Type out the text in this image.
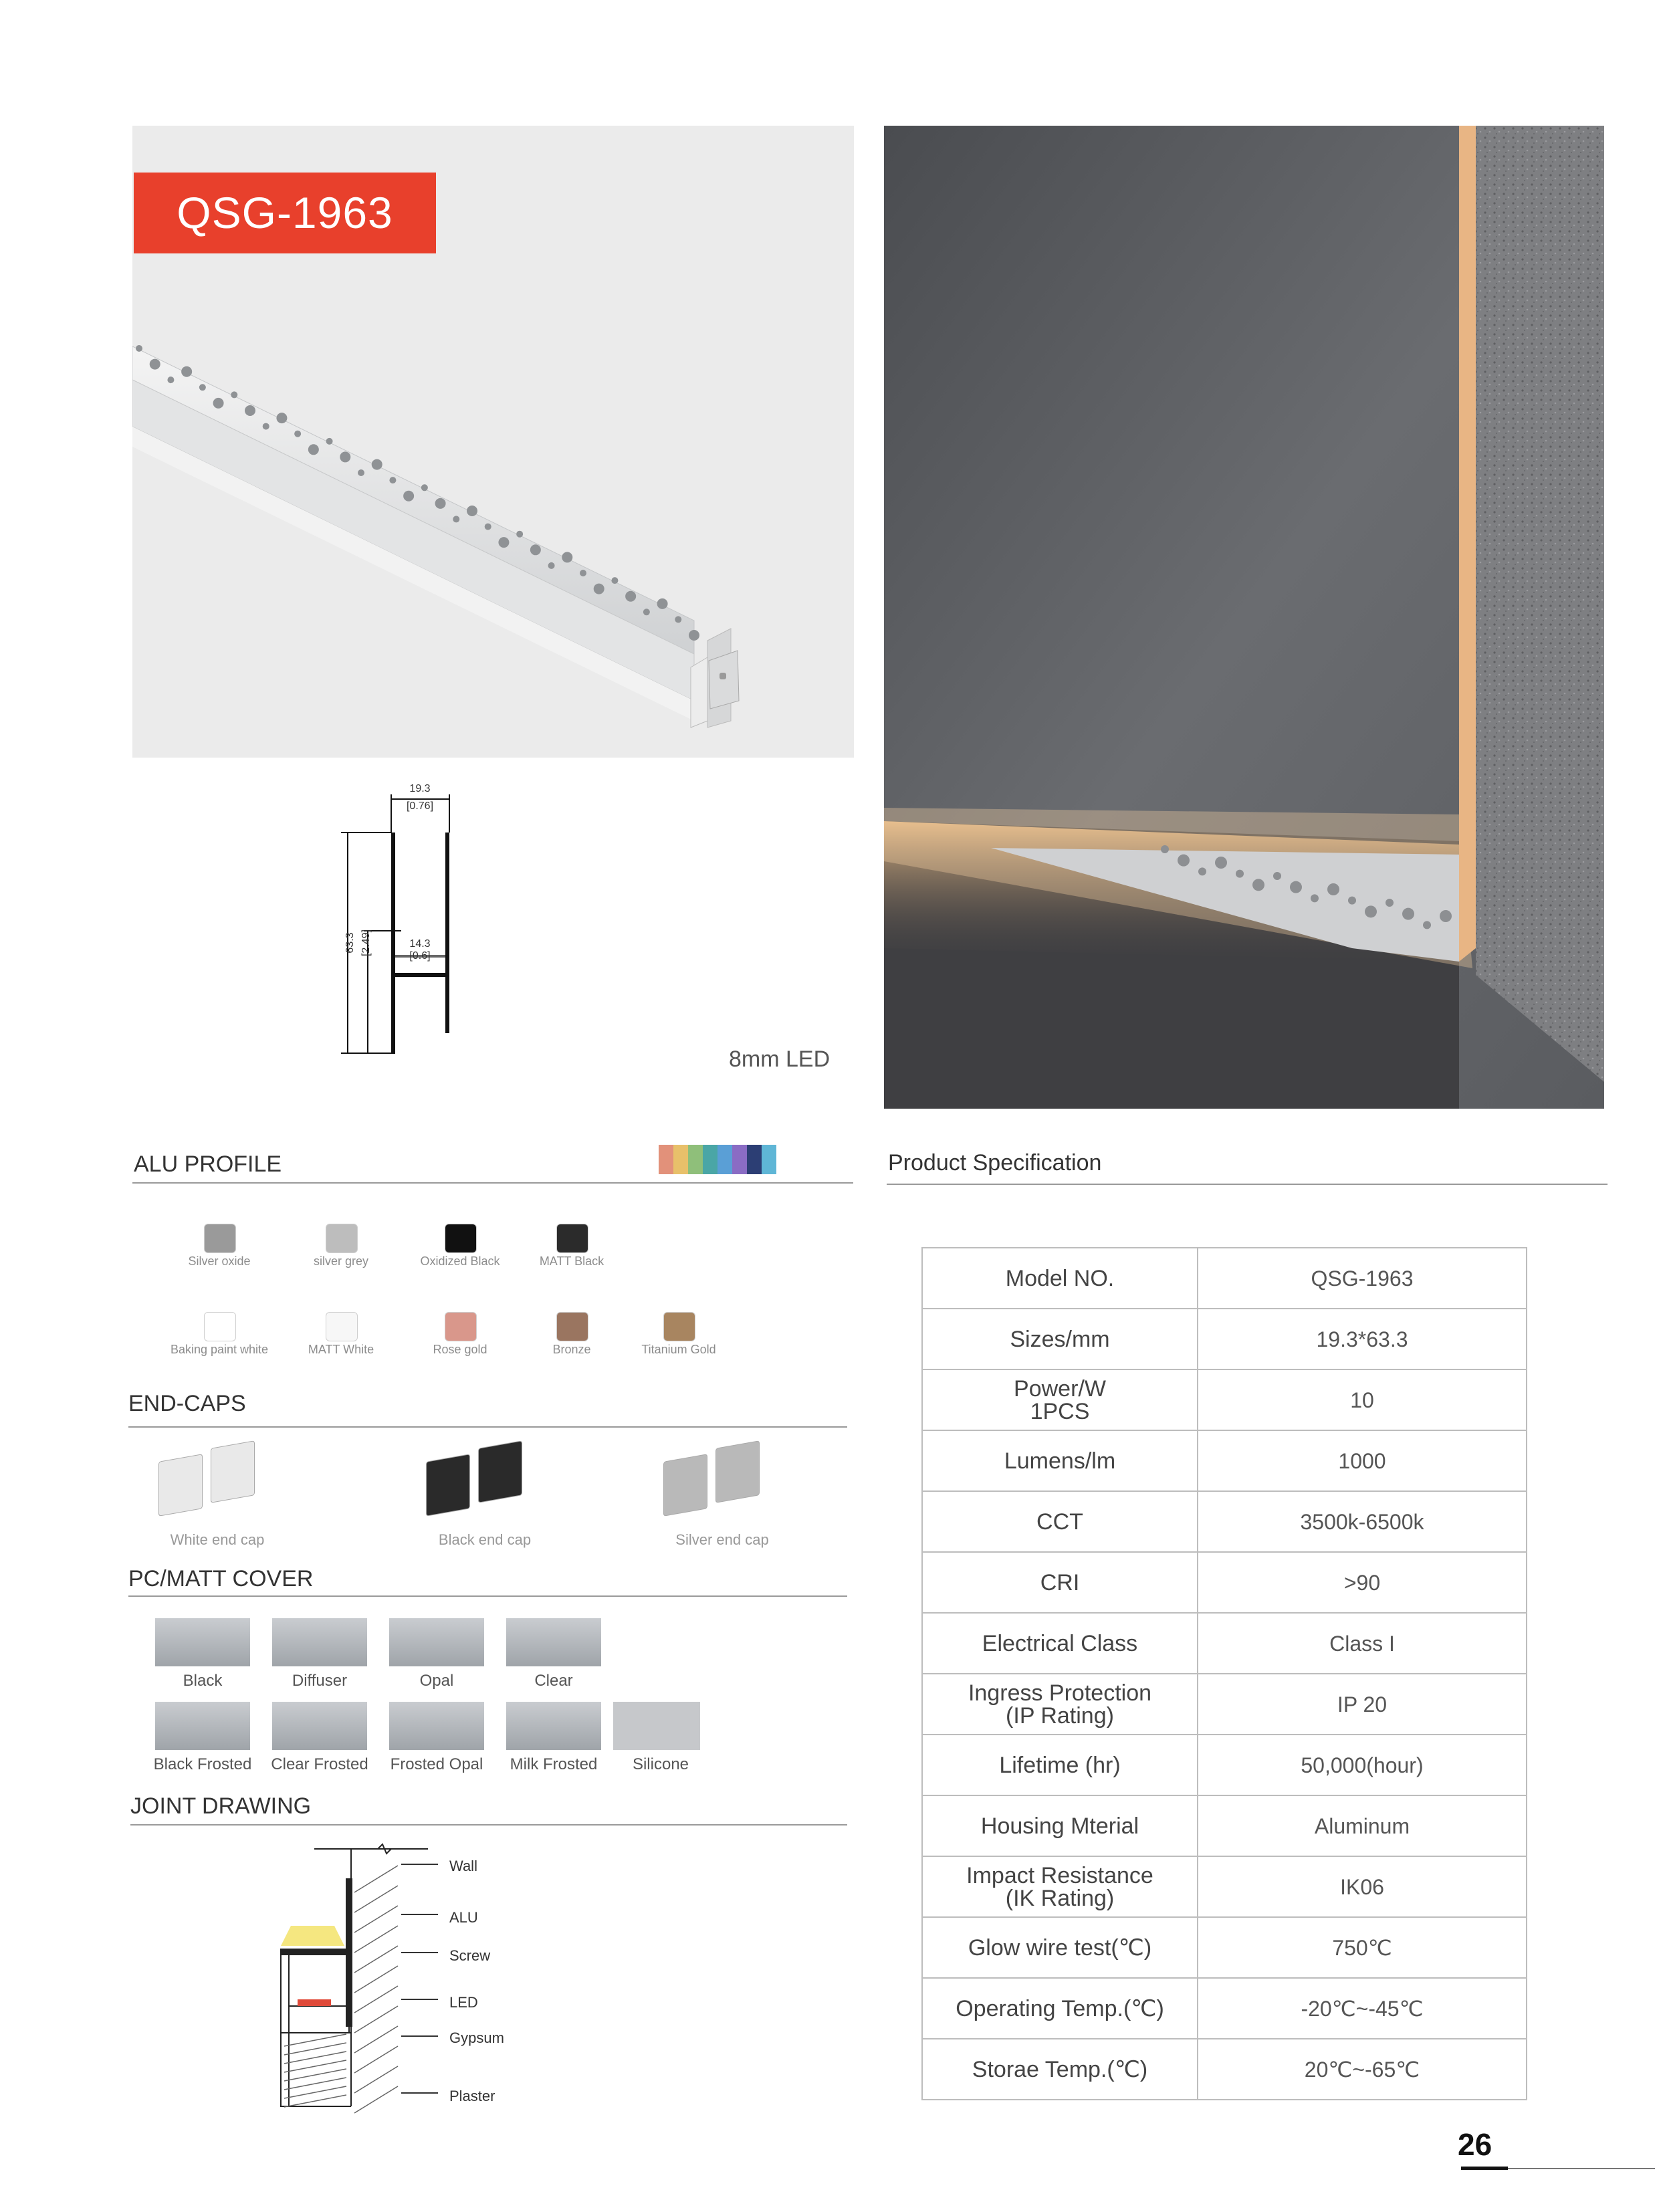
QSG-1963
19.3
[0.76]
14.3
[0.6]
63.3 [2.49]
8mm LED
ALU PROFILE
Silver oxide	silver grey	Oxidized Black	MATT Black
Baking paint white	MATT White	Rose gold	Bronze	Titanium Gold
END-CAPS
White end cap	Black end cap	Silver end cap
PC/MATT COVER
Black	Diffuser	Opal	Clear
Black Frosted	Clear Frosted	Frosted Opal	Milk Frosted	Silicone
JOINT DRAWING
Wall
ALU
Screw
LED
Gypsum
Plaster
Product Specification
Model NO.	QSG-1963
Sizes/mm	19.3*63.3
Power/W
1PCS	10
Lumens/lm	1000
CCT	3500k-6500k
CRI	>90
Electrical Class	Class I
Ingress Protection
(IP Rating)	IP 20
Lifetime (hr)	50,000(hour)
Housing Mterial	Aluminum
Impact Resistance
(IK Rating)	IK06
Glow wire test(℃)	750℃
Operating Temp.(℃)	-20℃~-45℃
Storae Temp.(℃)	20℃~-65℃
26
